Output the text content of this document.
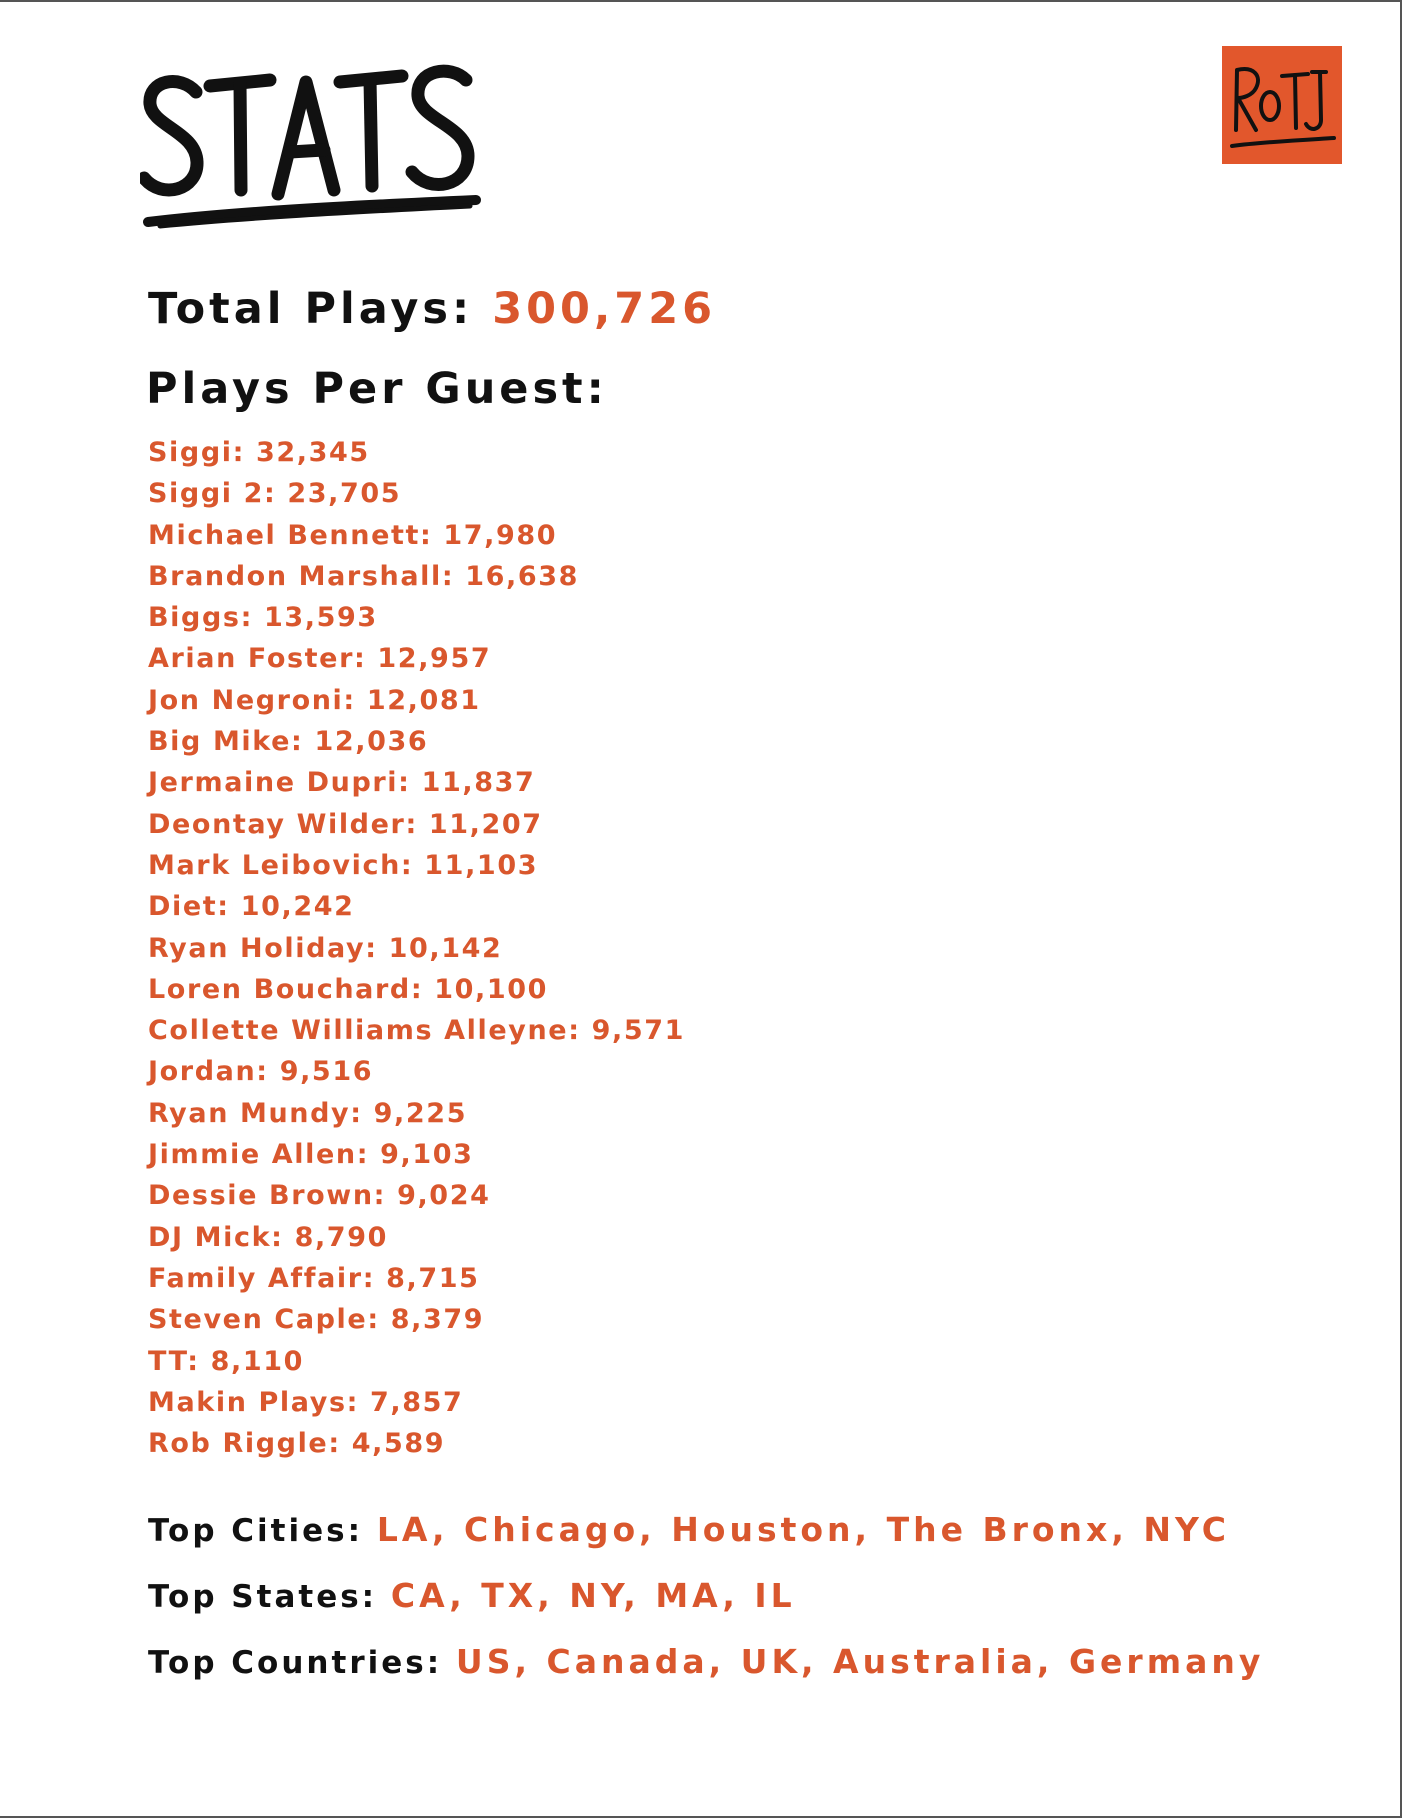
Total Plays: 300,726
Plays Per Guest:
Siggi: 32,345
Siggi 2: 23,705
Michael Bennett: 17,980
Brandon Marshall: 16,638
Biggs: 13,593
Arian Foster: 12,957
Jon Negroni: 12,081
Big Mike: 12,036
Jermaine Dupri: 11,837
Deontay Wilder: 11,207
Mark Leibovich: 11,103
Diet: 10,242
Ryan Holiday: 10,142
Loren Bouchard: 10,100
Collette Williams Alleyne: 9,571
Jordan: 9,516
Ryan Mundy: 9,225
Jimmie Allen: 9,103
Dessie Brown: 9,024
DJ Mick: 8,790
Family Affair: 8,715
Steven Caple: 8,379
TT: 8,110
Makin Plays: 7,857
Rob Riggle: 4,589
Top Cities: LA, Chicago, Houston, The Bronx, NYC
Top States: CA, TX, NY, MA, IL
Top Countries: US, Canada, UK, Australia, Germany
